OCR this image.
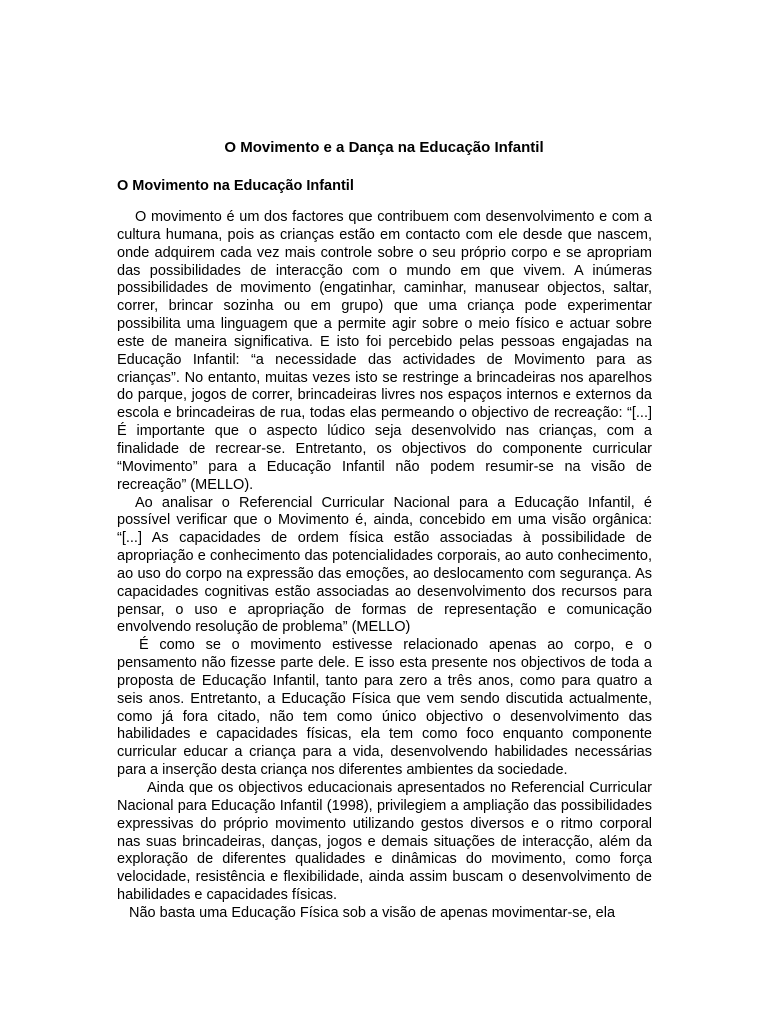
O Movimento e a Dança na Educação Infantil
O Movimento na Educação Infantil

O movimento é um dos factores que contribuem com desenvolvimento e com a cultura humana, pois as crianças estão em contacto com ele desde que nascem, onde adquirem cada vez mais controle sobre o seu próprio corpo e se apropriam das possibilidades de interacção com o mundo em que vivem. A inúmeras possibilidades de movimento (engatinhar, caminhar, manusear objectos, saltar, correr, brincar sozinha ou em grupo) que uma criança pode experimentar possibilita uma linguagem que a permite agir sobre o meio físico e actuar sobre este de maneira significativa. E isto foi percebido pelas pessoas engajadas na Educação Infantil: “a necessidade das actividades de Movimento para as crianças”. No entanto, muitas vezes isto se restringe a brincadeiras nos aparelhos do parque, jogos de correr, brincadeiras livres nos espaços internos e externos da escola e brincadeiras de rua, todas elas permeando o objectivo de recreação: “[...] É importante que o aspecto lúdico seja desenvolvido nas crianças, com a finalidade de recrear-se. Entretanto, os objectivos do componente curricular “Movimento” para a Educação Infantil não podem resumir-se na visão de recreação” (MELLO).

Ao analisar o Referencial Curricular Nacional para a Educação Infantil, é possível verificar que o Movimento é, ainda, concebido em uma visão orgânica: “[...] As capacidades de ordem física estão associadas à possibilidade de apropriação e conhecimento das potencialidades corporais, ao auto conhecimento, ao uso do corpo na expressão das emoções, ao deslocamento com segurança. As capacidades cognitivas estão associadas ao desenvolvimento dos recursos para pensar, o uso e apropriação de formas de representação e comunicação envolvendo resolução de problema” (MELLO)

É como se o movimento estivesse relacionado apenas ao corpo, e o pensamento não fizesse parte dele. E isso esta presente nos objectivos de toda a proposta de Educação Infantil, tanto para zero a três anos, como para quatro a seis anos. Entretanto, a Educação Física que vem sendo discutida actualmente, como já fora citado, não tem como único objectivo o desenvolvimento das habilidades e capacidades físicas, ela tem como foco enquanto componente curricular educar a criança para a vida, desenvolvendo habilidades necessárias para a inserção desta criança nos diferentes ambientes da sociedade.

Ainda que os objectivos educacionais apresentados no Referencial Curricular Nacional para Educação Infantil (1998), privilegiem a ampliação das possibilidades expressivas do próprio movimento utilizando gestos diversos e o ritmo corporal nas suas brincadeiras, danças, jogos e demais situações de interacção, além da exploração de diferentes qualidades e dinâmicas do movimento, como força velocidade, resistência e flexibilidade, ainda assim buscam o desenvolvimento de habilidades e capacidades físicas.

Não basta uma Educação Física sob a visão de apenas movimentar-se, ela
